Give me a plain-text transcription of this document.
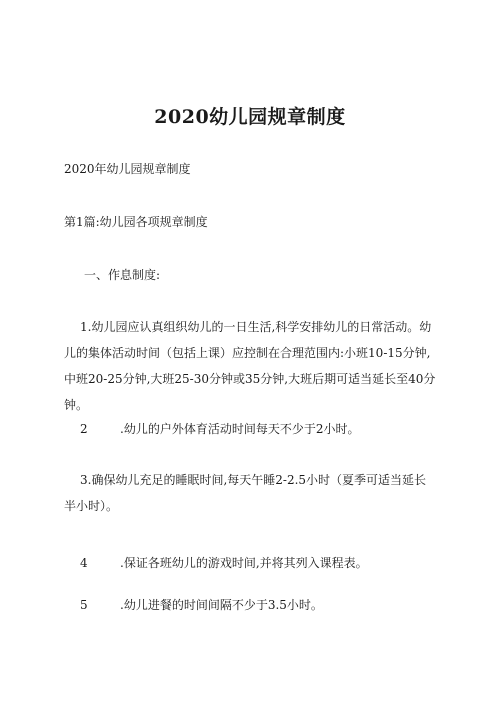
2020幼儿园规章制度
2020年幼儿园规章制度
第1篇:幼儿园各项规章制度
一、作息制度:
1.幼儿园应认真组织幼儿的一日生活,科学安排幼儿的日常活动。幼儿的集体活动时间（包括上课）应控制在合理范围内:小班10-15分钟,中班20-25分钟,大班25-30分钟或35分钟,大班后期可适当延长至40分钟。
2	.幼儿的户外体育活动时间每天不少于2小时。
3.确保幼儿充足的睡眠时间,每天午睡2-2.5小时（夏季可适当延长半小时）。
4	.保证各班幼儿的游戏时间,并将其列入课程表。
5	.幼儿进餐的时间间隔不少于3.5小时。
